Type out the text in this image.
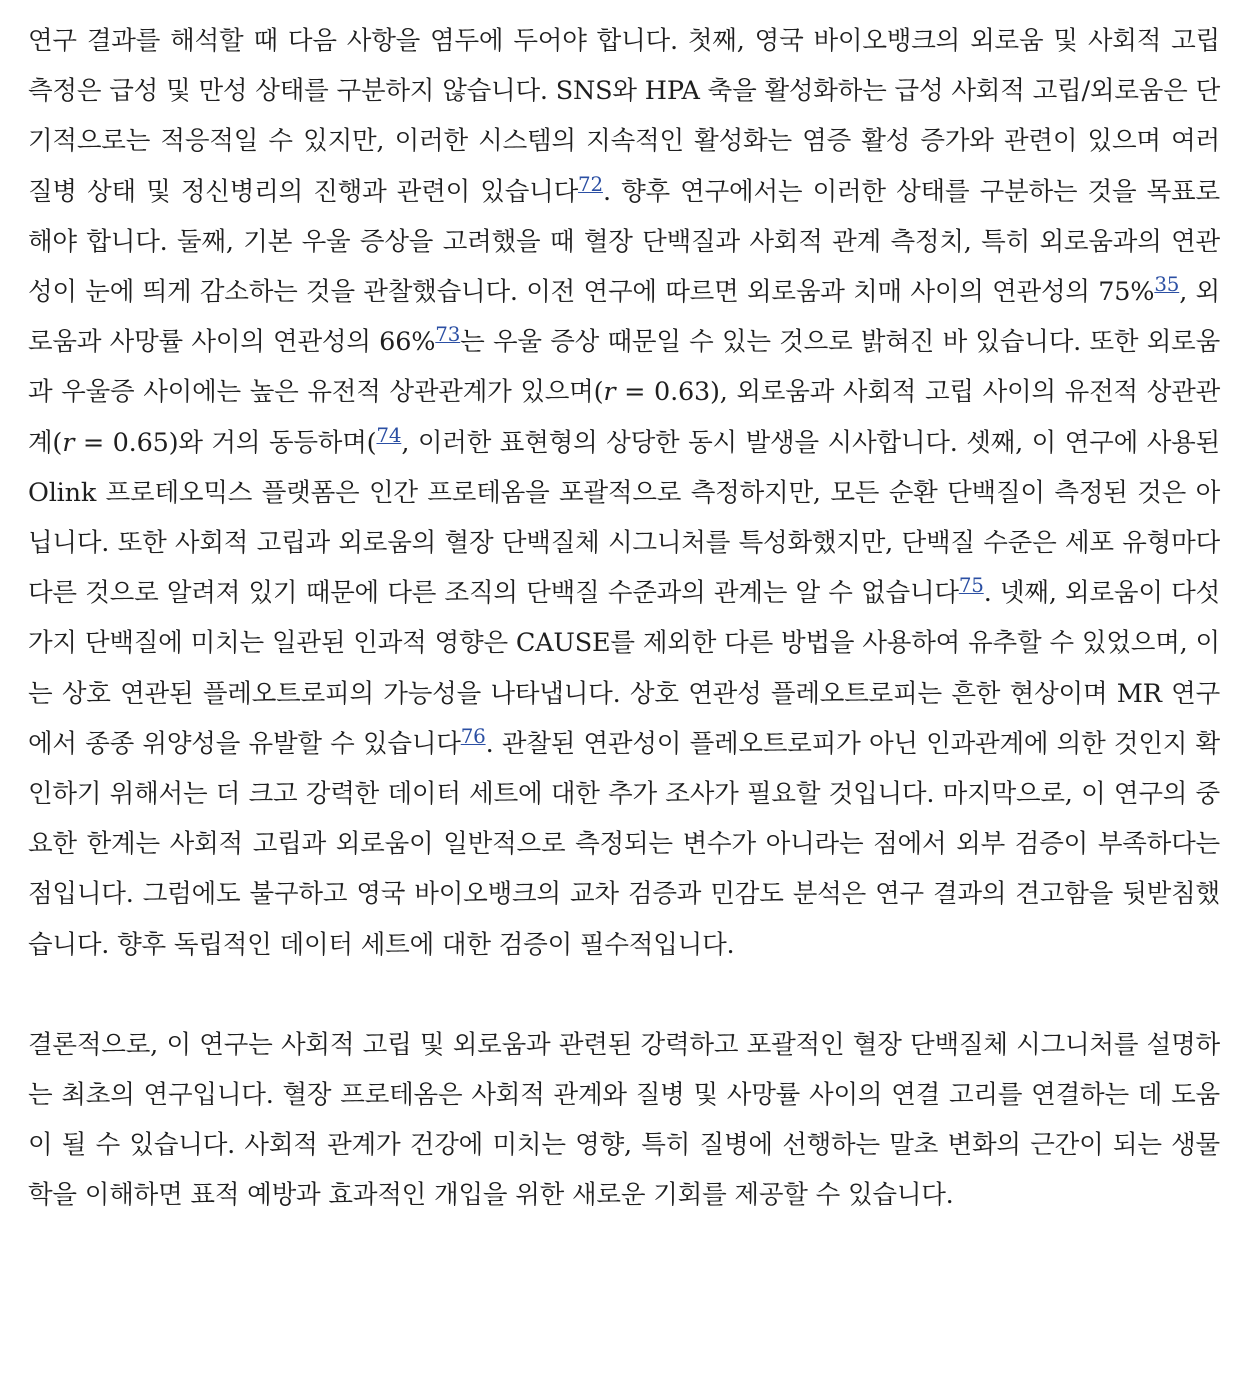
연구 결과를 해석할 때 다음 사항을 염두에 두어야 합니다. 첫째, 영국 바이오뱅크의 외로움 및 사회적 고립 측정은 급성 및 만성 상태를 구분하지 않습니다. SNS와 HPA 축을 활성화하는 급성 사회적 고립/외로움은 단기적으로는 적응적일 수 있지만, 이러한 시스템의 지속적인 활성화는 염증 활성 증가와 관련이 있으며 여러 질병 상태 및 정신병리의 진행과 관련이 있습니다$^{72}$. 향후 연구에서는 이러한 상태를 구분하는 것을 목표로 해야 합니다. 둘째, 기본 우울 증상을 고려했을 때 혈장 단백질과 사회적 관계 측정치, 특히 외로움과의 연관성이 눈에 띄게 감소하는 것을 관찰했습니다. 이전 연구에 따르면 외로움과 치매 사이의 연관성의 75%$^{35}$, 외로움과 사망률 사이의 연관성의 66%$^{73}$는 우울 증상 때문일 수 있는 것으로 밝혀진 바 있습니다. 또한 외로움과 우울증 사이에는 높은 유전적 상관관계가 있으며(r = 0.63), 외로움과 사회적 고립 사이의 유전적 상관관계(r = 0.65)와 거의 동등하며($^{74}$, 이러한 표현형의 상당한 동시 발생을 시사합니다. 셋째, 이 연구에 사용된 Olink 프로테오믹스 플랫폼은 인간 프로테옴을 포괄적으로 측정하지만, 모든 순환 단백질이 측정된 것은 아닙니다. 또한 사회적 고립과 외로움의 혈장 단백질체 시그니처를 특성화했지만, 단백질 수준은 세포 유형마다 다른 것으로 알려져 있기 때문에 다른 조직의 단백질 수준과의 관계는 알 수 없습니다$^{75}$. 넷째, 외로움이 다섯 가지 단백질에 미치는 일관된 인과적 영향은 CAUSE를 제외한 다른 방법을 사용하여 유추할 수 있었으며, 이는 상호 연관된 플레오트로피의 가능성을 나타냅니다. 상호 연관성 플레오트로피는 흔한 현상이며 MR 연구에서 종종 위양성을 유발할 수 있습니다$^{76}$. 관찰된 연관성이 플레오트로피가 아닌 인과관계에 의한 것인지 확인하기 위해서는 더 크고 강력한 데이터 세트에 대한 추가 조사가 필요할 것입니다. 마지막으로, 이 연구의 중요한 한계는 사회적 고립과 외로움이 일반적으로 측정되는 변수가 아니라는 점에서 외부 검증이 부족하다는 점입니다. 그럼에도 불구하고 영국 바이오뱅크의 교차 검증과 민감도 분석은 연구 결과의 견고함을 뒷받침했습니다. 향후 독립적인 데이터 세트에 대한 검증이 필수적입니다.

결론적으로, 이 연구는 사회적 고립 및 외로움과 관련된 강력하고 포괄적인 혈장 단백질체 시그니처를 설명하는 최초의 연구입니다. 혈장 프로테옴은 사회적 관계와 질병 및 사망률 사이의 연결 고리를 연결하는 데 도움이 될 수 있습니다. 사회적 관계가 건강에 미치는 영향, 특히 질병에 선행하는 말초 변화의 근간이 되는 생물학을 이해하면 표적 예방과 효과적인 개입을 위한 새로운 기회를 제공할 수 있습니다.
